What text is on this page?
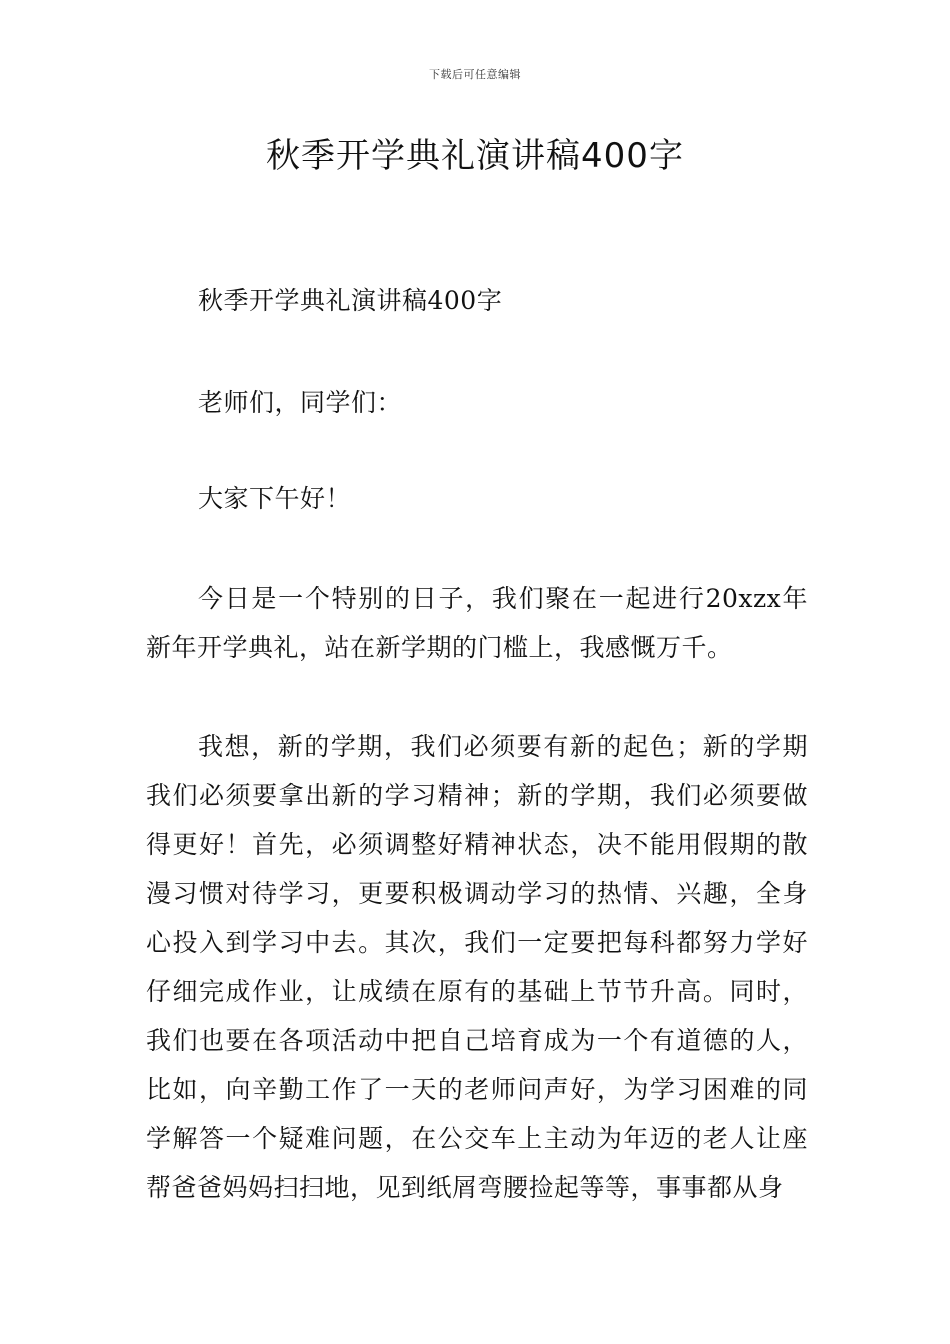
下载后可任意编辑
秋季开学典礼演讲稿400字

秋季开学典礼演讲稿400字

老师们，同学们：

大家下午好！

今日是一个特别的日子，我们聚在一起进行20xzx年新年开学典礼，站在新学期的门槛上，我感慨万千。

我想，新的学期，我们必须要有新的起色；新的学期我们必须要拿出新的学习精神；新的学期，我们必须要做得更好！首先，必须调整好精神状态，决不能用假期的散漫习惯对待学习，更要积极调动学习的热情、兴趣，全身心投入到学习中去。其次，我们一定要把每科都努力学好仔细完成作业，让成绩在原有的基础上节节升高。同时，我们也要在各项活动中把自己培育成为一个有道德的人，比如，向辛勤工作了一天的老师问声好，为学习困难的同学解答一个疑难问题，在公交车上主动为年迈的老人让座帮爸爸妈妈扫扫地，见到纸屑弯腰捡起等等，事事都从身
